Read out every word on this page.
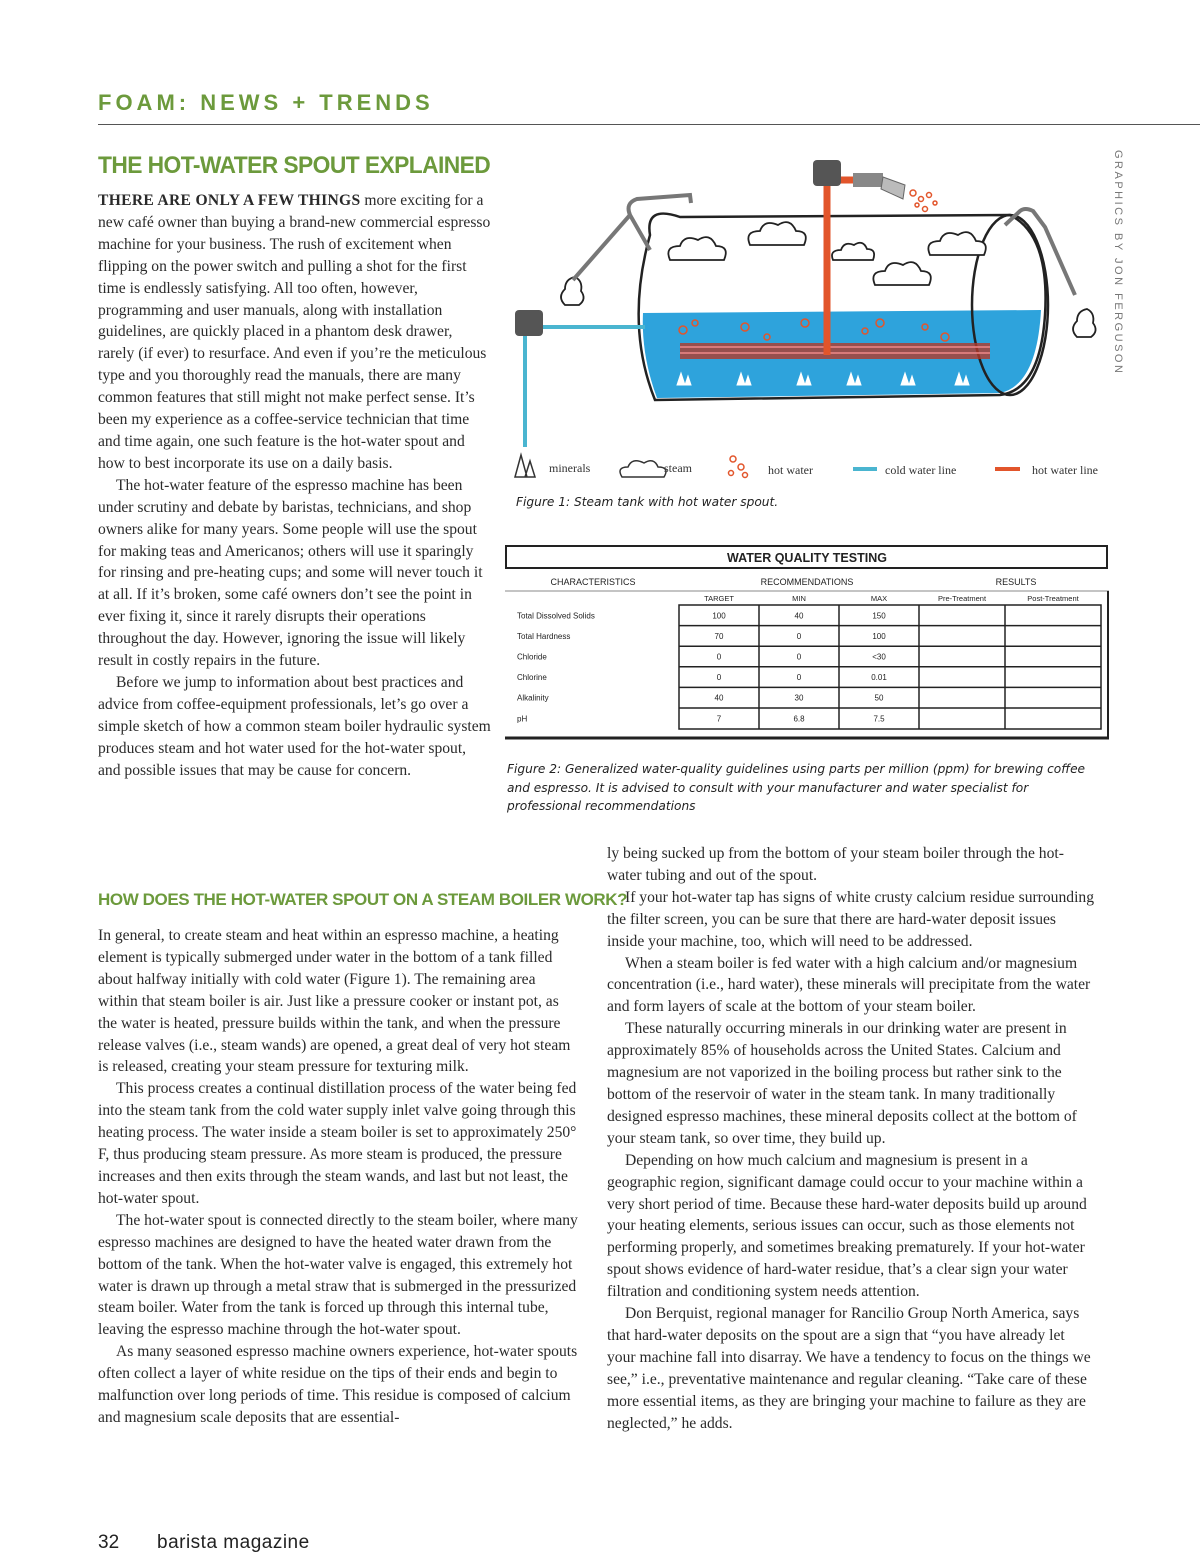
FOAM: NEWS + TRENDS
THE HOT-WATER SPOUT EXPLAINED	GRAPHICS BY JON FERGUSON

THERE ARE ONLY A FEW THINGS more exciting for a new café owner than buying a brand-new commercial espresso machine for your business. The rush of excitement when flipping on the power switch and pulling a shot for the first time is endlessly satisfying. All too often, however, programming and user manuals, along with installation guidelines, are quickly placed in a phantom desk drawer, rarely (if ever) to resurface. And even if you’re the meticulous type and you thoroughly read the manuals, there are many common features that still might not make perfect sense. It’s been my experience as a coffee-service technician that time and time again, one such feature is the hot-water spout and how to best incorporate its use on a daily basis.

The hot-water feature of the espresso machine has been under scrutiny and debate by baristas, technicians, and shop owners alike for many years. Some people will use the spout for making teas and Americanos; others will use it sparingly for rinsing and pre-heating cups; and some will never touch it at all. If it’s broken, some café owners don’t see the point in ever fixing it, since it rarely disrupts their operations throughout the day. However, ignoring the issue will likely result in costly repairs in the future.

Before we jump to information about best practices and advice from coffee-equipment professionals, let’s go over a simple sketch of how a common steam boiler hydraulic system produces steam and hot water used for the hot-water spout, and possible issues that may be cause for concern.

minerals	steam	hot water	cold water line	hot water line
Figure 1: Steam tank with hot water spout.
WATER QUALITY TESTING
CHARACTERISTICS	RECOMMENDATIONS	RESULTS
TARGET	MIN	MAX	Pre-Treatment	Post-Treatment
Total Dissolved Solids	100	40	150
Total Hardness	70	0	100
Chloride	0	0	<30
Chlorine	0	0	0.01
Alkalinity	40	30	50
pH	7	6.8	7.5
Figure 2: Generalized water-quality guidelines using parts per million (ppm) for brewing coffee and espresso. It is advised to consult with your manufacturer and water specialist for professional recommendations
HOW DOES THE HOT-WATER SPOUT ON A STEAM BOILER WORK?

In general, to create steam and heat within an espresso machine, a heating element is typically submerged under water in the bottom of a tank filled about halfway initially with cold water (Figure 1). The remaining area within that steam boiler is air. Just like a pressure cooker or instant pot, as the water is heated, pressure builds within the tank, and when the pressure release valves (i.e., steam wands) are opened, a great deal of very hot steam is released, creating your steam pressure for texturing milk.

This process creates a continual distillation process of the water being fed into the steam tank from the cold water supply inlet valve going through this heating process. The water inside a steam boiler is set to approximately 250° F, thus producing steam pressure. As more steam is produced, the pressure increases and then exits through the steam wands, and last but not least, the hot-water spout.

The hot-water spout is connected directly to the steam boiler, where many espresso machines are designed to have the heated water drawn from the bottom of the tank. When the hot-water valve is engaged, this extremely hot water is drawn up through a metal straw that is submerged in the pressurized steam boiler. Water from the tank is forced up through this internal tube, leaving the espresso machine through the hot-water spout.

As many seasoned espresso machine owners experience, hot-water spouts often collect a layer of white residue on the tips of their ends and begin to malfunction over long periods of time. This residue is composed of calcium and magnesium scale deposits that are essential-

ly being sucked up from the bottom of your steam boiler through the hot-water tubing and out of the spout.

If your hot-water tap has signs of white crusty calcium residue surrounding the filter screen, you can be sure that there are hard-water deposit issues inside your machine, too, which will need to be addressed.

When a steam boiler is fed water with a high calcium and/or magnesium concentration (i.e., hard water), these minerals will precipitate from the water and form layers of scale at the bottom of your steam boiler.

These naturally occurring minerals in our drinking water are present in approximately 85% of households across the United States. Calcium and magnesium are not vaporized in the boiling process but rather sink to the bottom of the reservoir of water in the steam tank. In many traditionally designed espresso machines, these mineral deposits collect at the bottom of your steam tank, so over time, they build up.

Depending on how much calcium and magnesium is present in a geographic region, significant damage could occur to your machine within a very short period of time. Because these hard-water deposits build up around your heating elements, serious issues can occur, such as those elements not performing properly, and sometimes breaking prematurely. If your hot-water spout shows evidence of hard-water residue, that’s a clear sign your water filtration and conditioning system needs attention.

Don Berquist, regional manager for Rancilio Group North America, says that hard-water deposits on the spout are a sign that “you have already let your machine fall into disarray. We have a tendency to focus on the things we see,” i.e., preventative maintenance and regular cleaning. “Take care of these more essential items, as they are bringing your machine to failure as they are neglected,” he adds.

32 barista magazine
